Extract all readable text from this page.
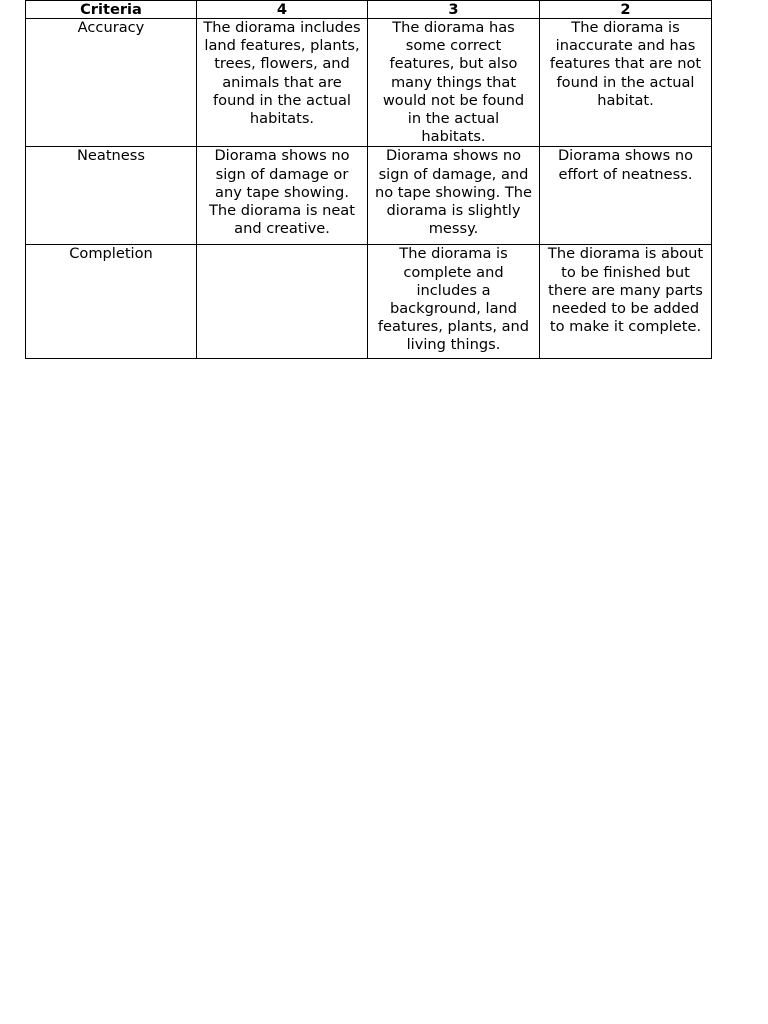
Criteria	4	3	2
Accuracy	The diorama includes land features, plants, trees, flowers, and animals that are found in the actual habitats.	The diorama has some correct features, but also many things that would not be found in the actual habitats.	The diorama is inaccurate and has features that are not found in the actual habitat.
Neatness	Diorama shows no sign of damage or any tape showing. The diorama is neat and creative.	Diorama shows no sign of damage, and no tape showing. The diorama is slightly messy.	Diorama shows no effort of neatness.
Completion		The diorama is complete and includes a background, land features, plants, and living things.	The diorama is about to be finished but there are many parts needed to be added to make it complete.
